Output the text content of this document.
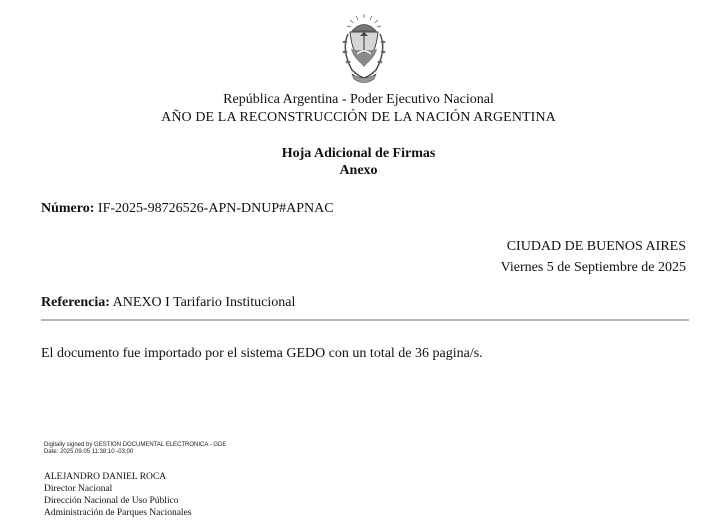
República Argentina - Poder Ejecutivo Nacional
AÑO DE LA RECONSTRUCCIÓN DE LA NACIÓN ARGENTINA
Hoja Adicional de Firmas
Anexo
Número: IF-2025-98726526-APN-DNUP#APNAC
CIUDAD DE BUENOS AIRES
Viernes 5 de Septiembre de 2025
Referencia: ANEXO I Tarifario Institucional
El documento fue importado por el sistema GEDO con un total de 36 pagina/s.
Digitally signed by GESTION DOCUMENTAL ELECTRONICA - GDE
Date: 2025.09.05 11:38:10 -03:00
ALEJANDRO DANIEL ROCA
Director Nacional
Dirección Nacional de Uso Público
Administración de Parques Nacionales
